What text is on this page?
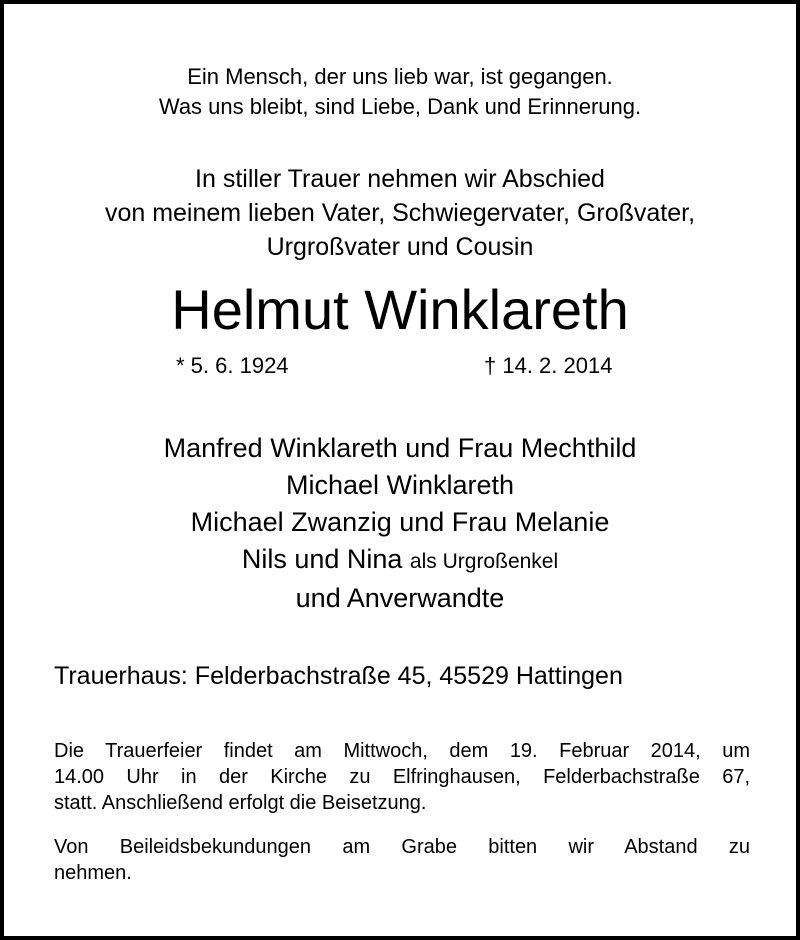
Ein Mensch, der uns lieb war, ist gegangen.
Was uns bleibt, sind Liebe, Dank und Erinnerung.
In stiller Trauer nehmen wir Abschied
von meinem lieben Vater, Schwiegervater, Großvater,
Urgroßvater und Cousin
Helmut Winklareth
* 5. 6. 1924	† 14. 2. 2014
Manfred Winklareth und Frau Mechthild
Michael Winklareth
Michael Zwanzig und Frau Melanie
Nils und Nina als Urgroßenkel
und Anverwandte
Trauerhaus: Felderbachstraße 45, 45529 Hattingen
Die Trauerfeier findet am Mittwoch, dem 19. Februar 2014, um
14.00 Uhr in der Kirche zu Elfringhausen, Felderbachstraße 67,
statt. Anschließend erfolgt die Beisetzung.
Von Beileidsbekundungen am Grabe bitten wir Abstand zu
nehmen.
